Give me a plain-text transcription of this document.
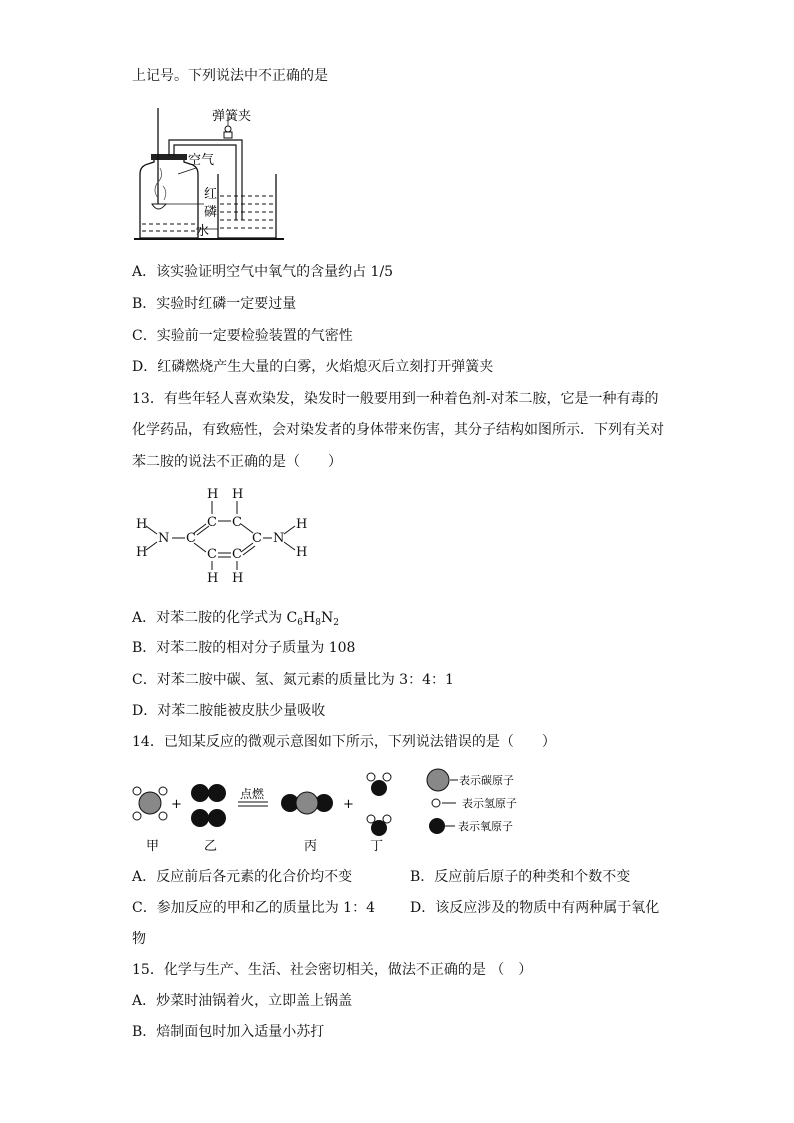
上记号。下列说法中不正确的是
弹簧夹
空气
红
磷
水
A．该实验证明空气中氧气的含量约占 1/5
B．实验时红磷一定要过量
C．实验前一定要检验装置的气密性
D．红磷燃烧产生大量的白雾，火焰熄灭后立刻打开弹簧夹
13．有些年轻人喜欢染发，染发时一般要用到一种着色剂-对苯二胺，它是一种有毒的
化学药品，有致癌性，会对染发者的身体带来伤害，其分子结构如图所示．下列有关对
苯二胺的说法不正确的是（　　）
H H
C C
H
H
N C	C N
H
H
C C
H H
A．对苯二胺的化学式为 $C_6H_8N_2$
B．对苯二胺的相对分子质量为 108
C．对苯二胺中碳、氢、氮元素的质量比为 3：4：1
D．对苯二胺能被皮肤少量吸收
14．已知某反应的微观示意图如下所示，下列说法错误的是（　　）
+
点燃
+
甲	乙	丙	丁
表示碳原子
表示氢原子
表示氧原子
A．反应前后各元素的化合价均不变	B．反应前后原子的种类和个数不变
C．参加反应的甲和乙的质量比为 1：4	D．该反应涉及的物质中有两种属于氧化
物
15．化学与生产、生活、社会密切相关，做法不正确的是 （　）
A．炒菜时油锅着火，立即盖上锅盖
B．焙制面包时加入适量小苏打
